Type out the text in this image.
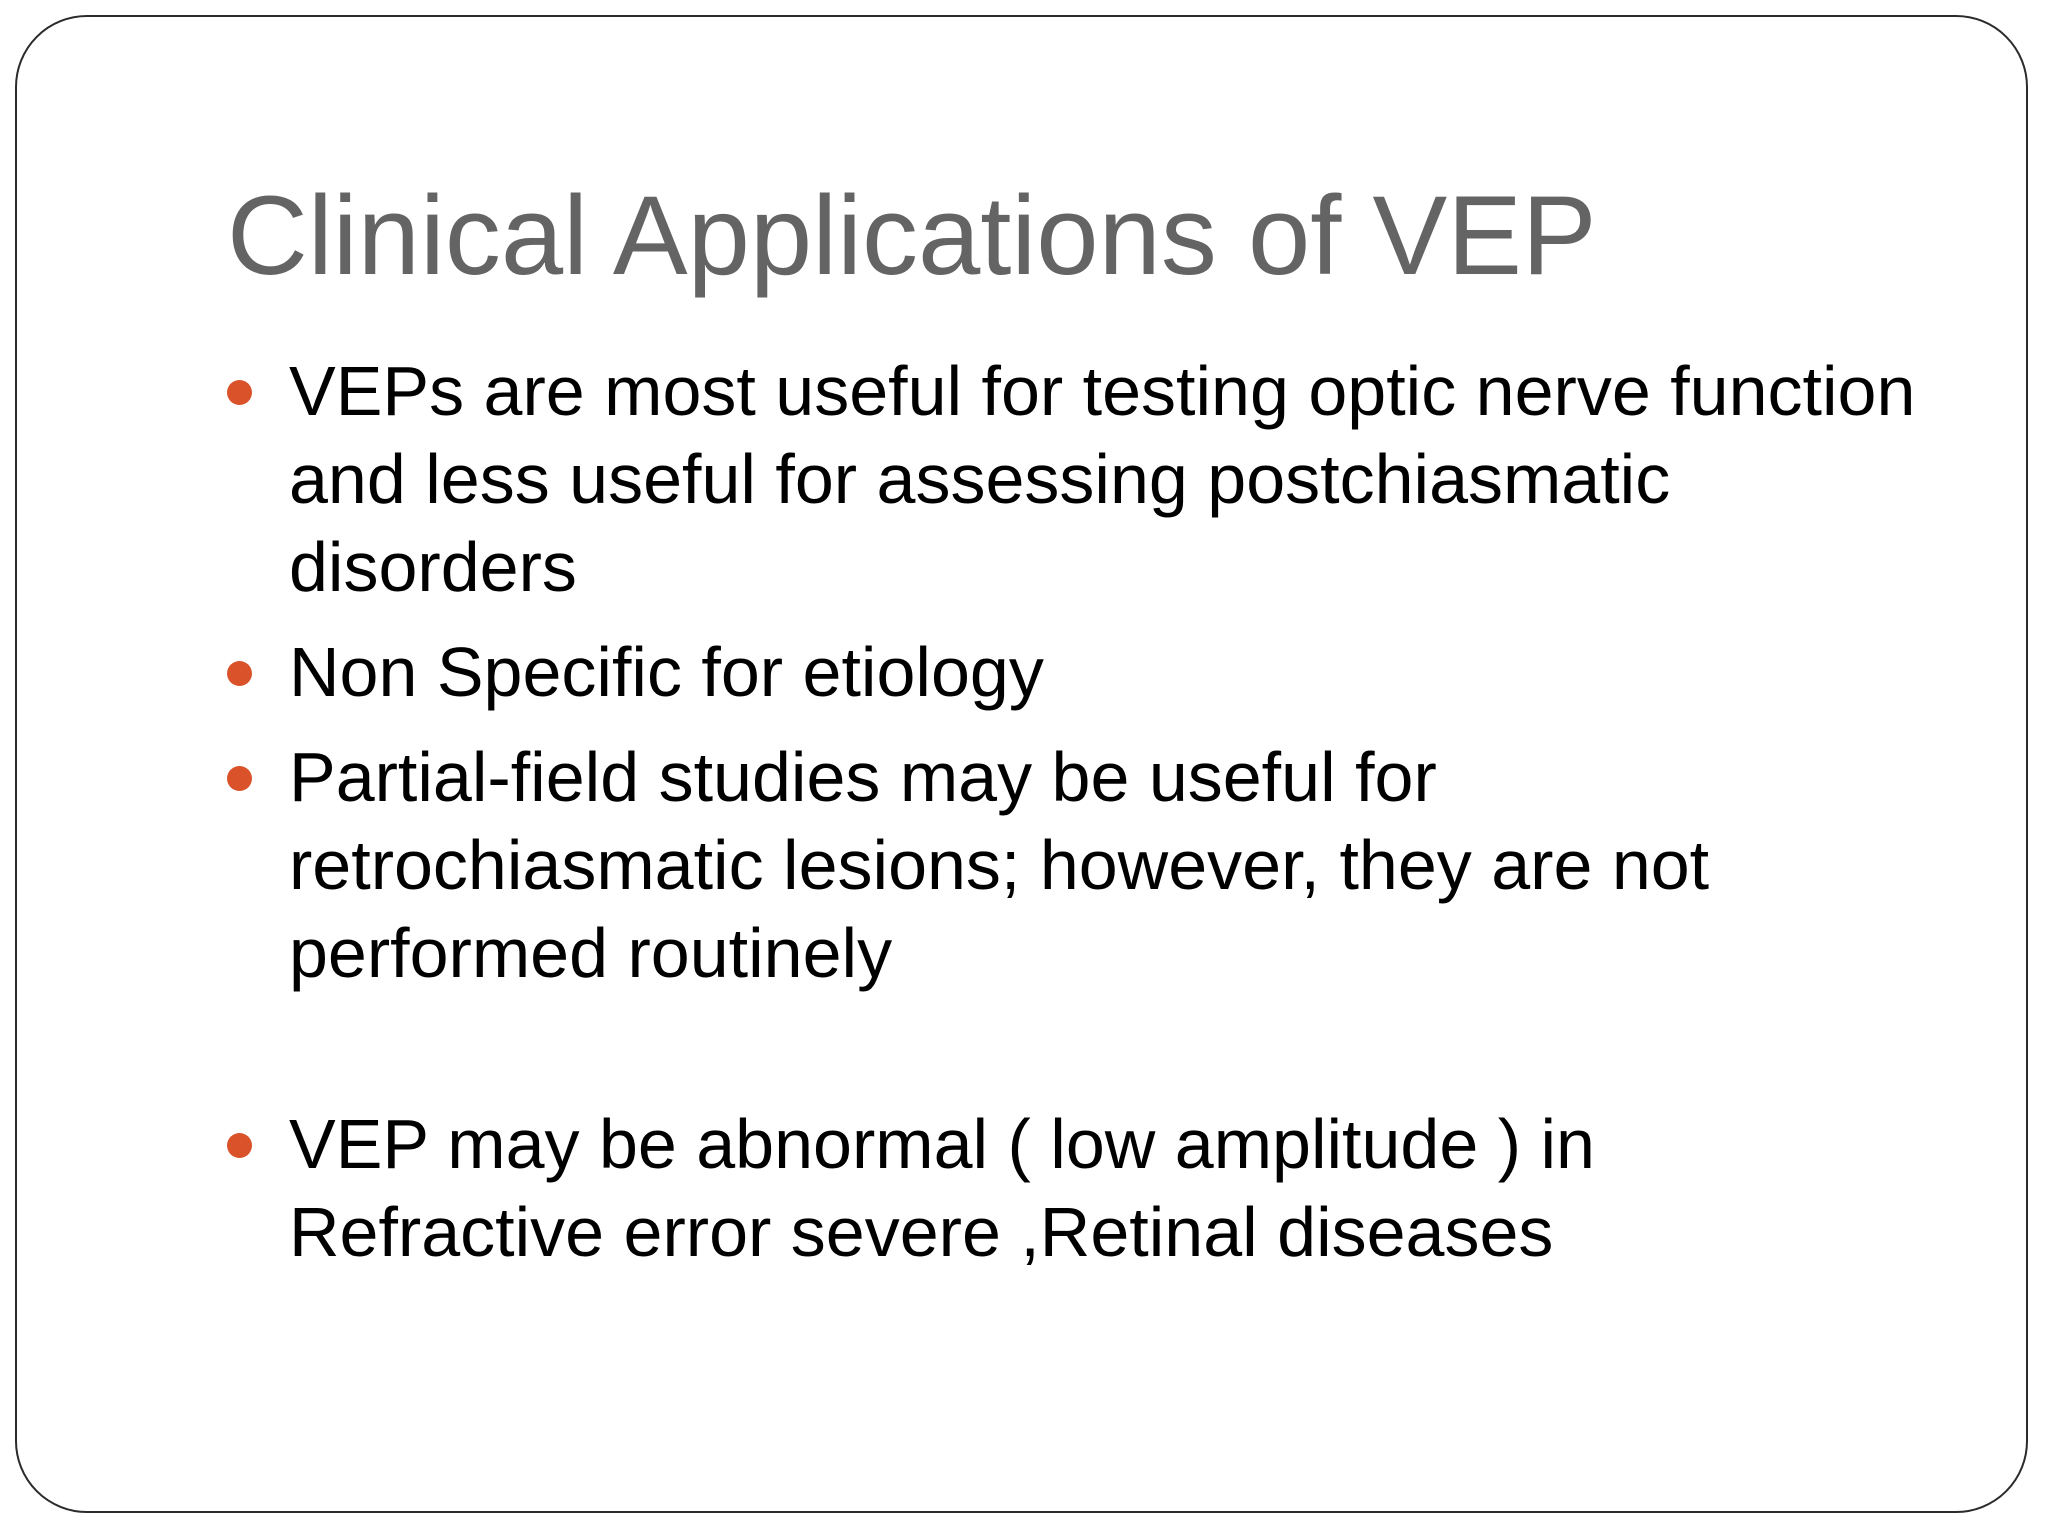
Clinical Applications of VEP
VEPs are most useful for testing optic nerve function and less useful for assessing postchiasmatic disorders
Non Specific for etiology
Partial-field studies may be useful for retrochiasmatic lesions; however, they are not performed routinely
VEP may be abnormal ( low amplitude ) in Refractive error severe ,Retinal diseases
